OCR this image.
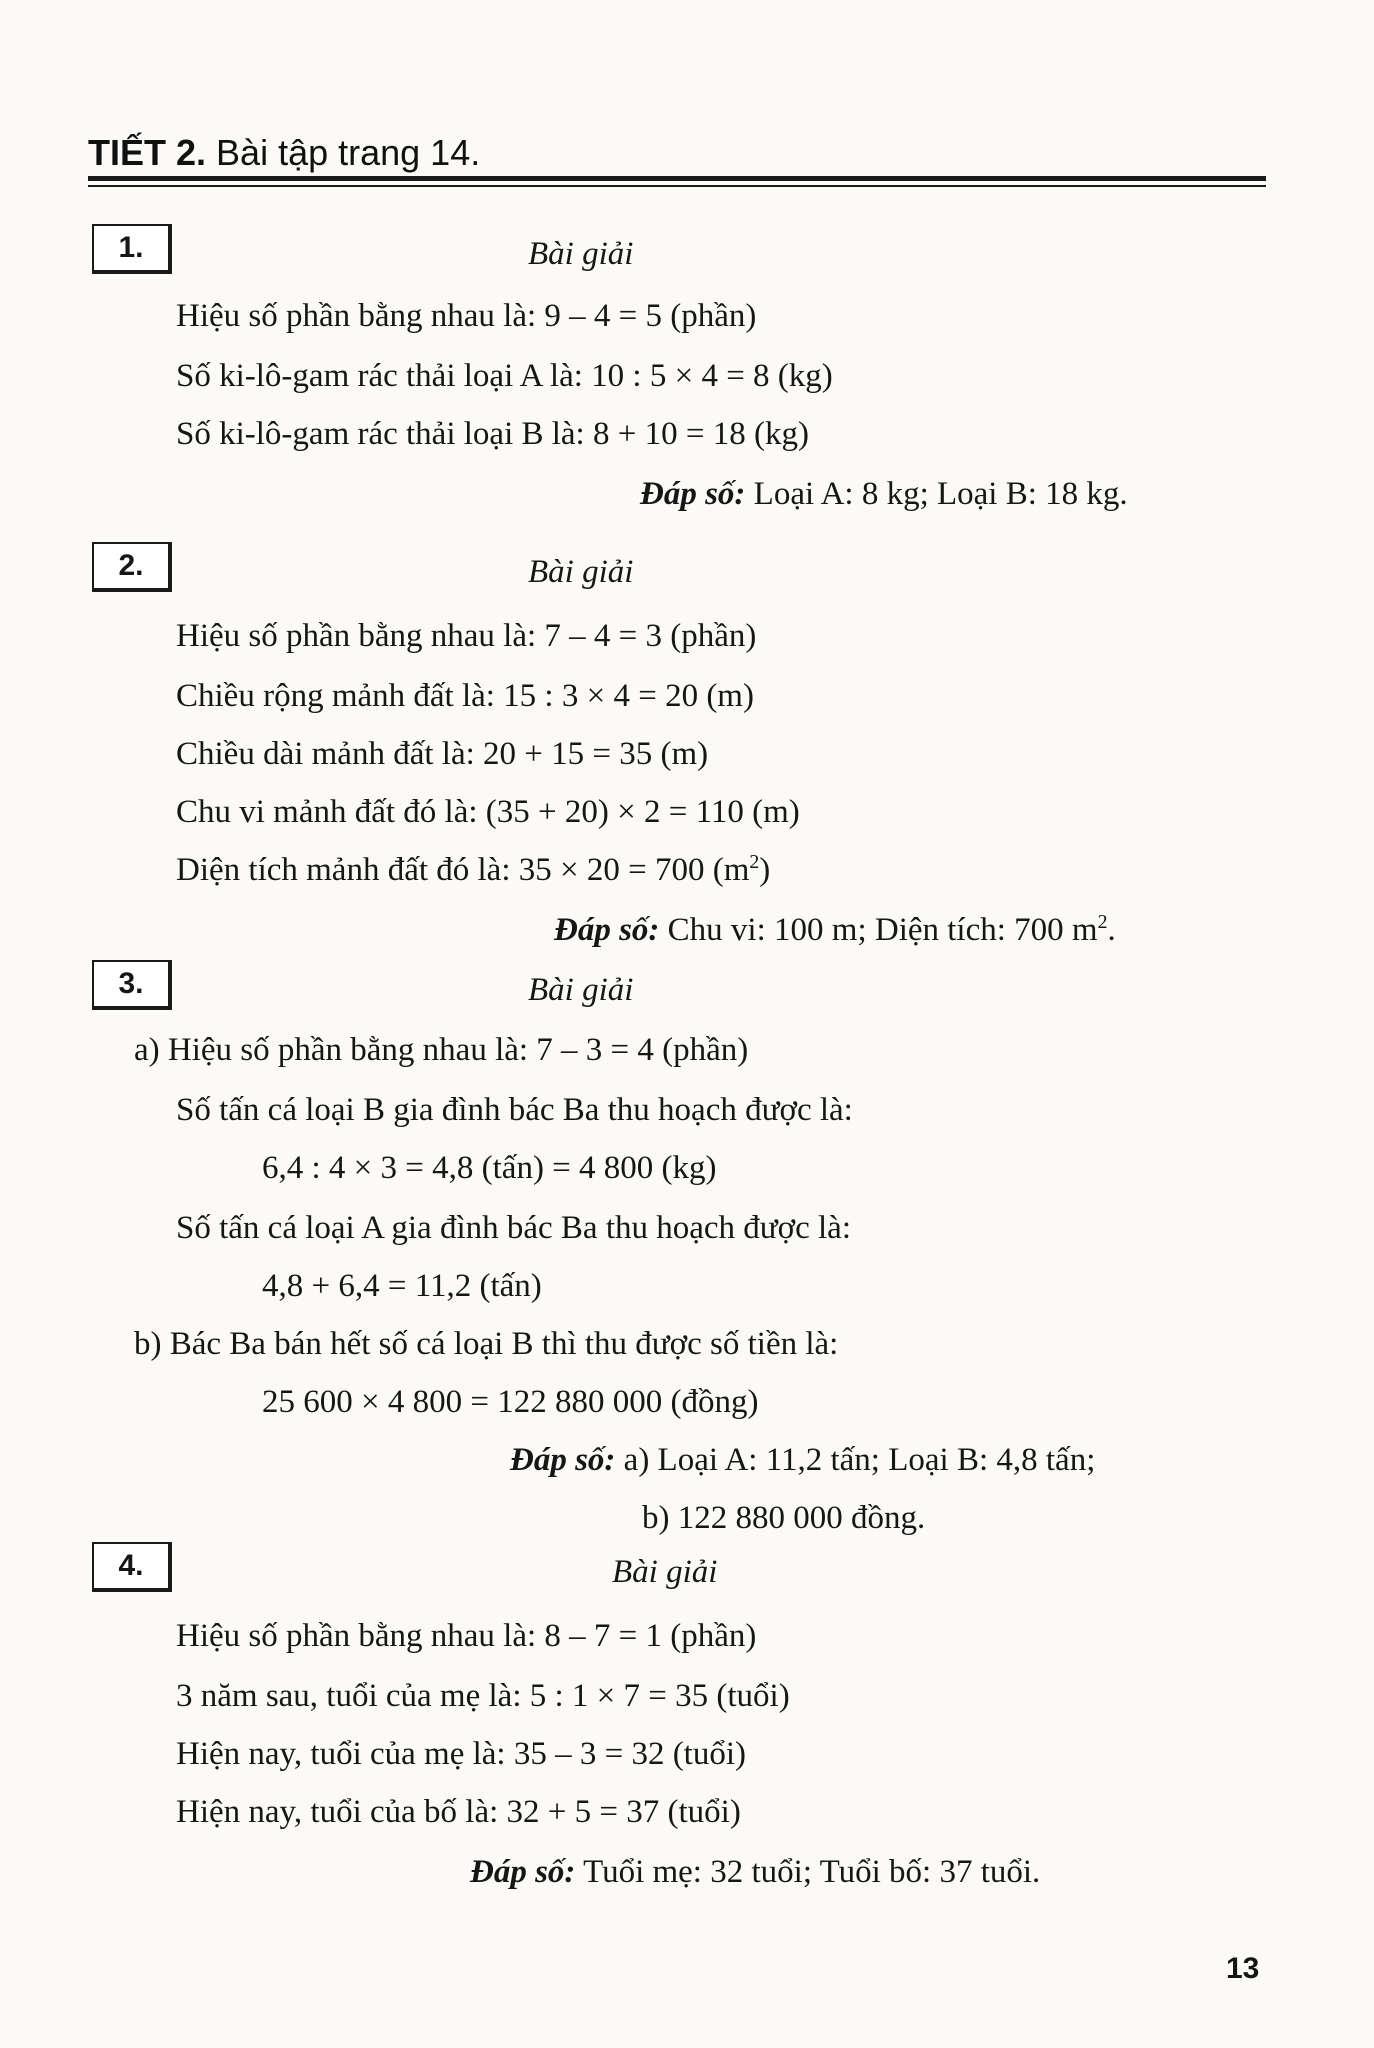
TIẾT 2. Bài tập trang 14.
1.	Bài giải
Hiệu số phần bằng nhau là: 9 – 4 = 5 (phần)
Số ki-lô-gam rác thải loại A là: 10 : 5 × 4 = 8 (kg)
Số ki-lô-gam rác thải loại B là: 8 + 10 = 18 (kg)
Đáp số: Loại A: 8 kg; Loại B: 18 kg.
2.	Bài giải
Hiệu số phần bằng nhau là: 7 – 4 = 3 (phần)
Chiều rộng mảnh đất là: 15 : 3 × 4 = 20 (m)
Chiều dài mảnh đất là: 20 + 15 = 35 (m)
Chu vi mảnh đất đó là: (35 + 20) × 2 = 110 (m)
Diện tích mảnh đất đó là: 35 × 20 = 700 $(m^2)$
Đáp số: Chu vi: 100 m; Diện tích: 700 $m^2$.
3.	Bài giải
a) Hiệu số phần bằng nhau là: 7 – 3 = 4 (phần)
Số tấn cá loại B gia đình bác Ba thu hoạch được là:
6,4 : 4 × 3 = 4,8 (tấn) = 4 800 (kg)
Số tấn cá loại A gia đình bác Ba thu hoạch được là:
4,8 + 6,4 = 11,2 (tấn)
b) Bác Ba bán hết số cá loại B thì thu được số tiền là:
25 600 × 4 800 = 122 880 000 (đồng)
Đáp số: a) Loại A: 11,2 tấn; Loại B: 4,8 tấn;
b) 122 880 000 đồng.
4.	Bài giải
Hiệu số phần bằng nhau là: 8 – 7 = 1 (phần)
3 năm sau, tuổi của mẹ là: 5 : 1 × 7 = 35 (tuổi)
Hiện nay, tuổi của mẹ là: 35 – 3 = 32 (tuổi)
Hiện nay, tuổi của bố là: 32 + 5 = 37 (tuổi)
Đáp số: Tuổi mẹ: 32 tuổi; Tuổi bố: 37 tuổi.
13
